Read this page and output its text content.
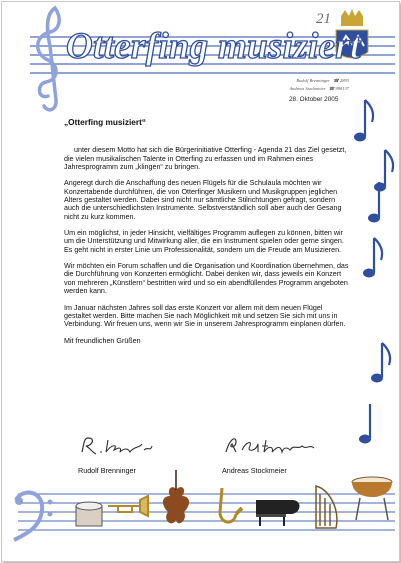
Otterfing musiziert
21
Rudolf Brenninger ☎ 2893
Andreas Stockmeier ☎ 998137
28. Oktober 2005

„Otterfing musiziert“

unter diesem Motto hat sich die Bürgerinitiative Otterfing - Agenda 21 das Ziel gesetzt, die vielen musikalischen Talente in Otterfing zu erfassen und im Rahmen eines Jahresprogramm zum „klingen“ zu bringen.

Angeregt durch die Anschaffung des neuen Flügels für die Schulaula möchten wir Konzertabende durchführen, die von Otterfinger Musikern und Musikgruppen jeglichen Alters gestaltet werden. Dabei sind nicht nur sämtliche Stilrichtungen gefragt, sondern auch die unterschiedlichsten Instrumente. Selbstverständlich soll aber auch der Gesang nicht zu kurz kommen.

Um ein möglichst, in jeder Hinsicht, vielfältiges Programm auflegen zu können, bitten wir um die Unterstützung und Mitwirkung aller, die ein Instrument spielen oder gerne singen. Es geht nicht in erster Linie um Professionalität, sondern um die Freude am Musizieren.

Wir möchten ein Forum schaffen und die Organisation und Koordination übernehmen, das die Durchführung von Konzerten ermöglicht. Dabei denken wir, dass jeweils ein Konzert von mehreren „Künstlern“ bestritten wird und so ein abendfüllendes Programm angeboten werden kann.

Im Januar nächsten Jahres soll das erste Konzert vor allem mit dem neuen Flügel gestaltet werden. Bitte machen Sie nach Möglichkeit mit und setzen Sie sich mit uns in Verbindung. Wir freuen uns, wenn wir Sie in unserem Jahresprogramm einplanen dürfen.

Mit freundlichen Grüßen

Rudolf Brenninger	Andreas Stockmeier
